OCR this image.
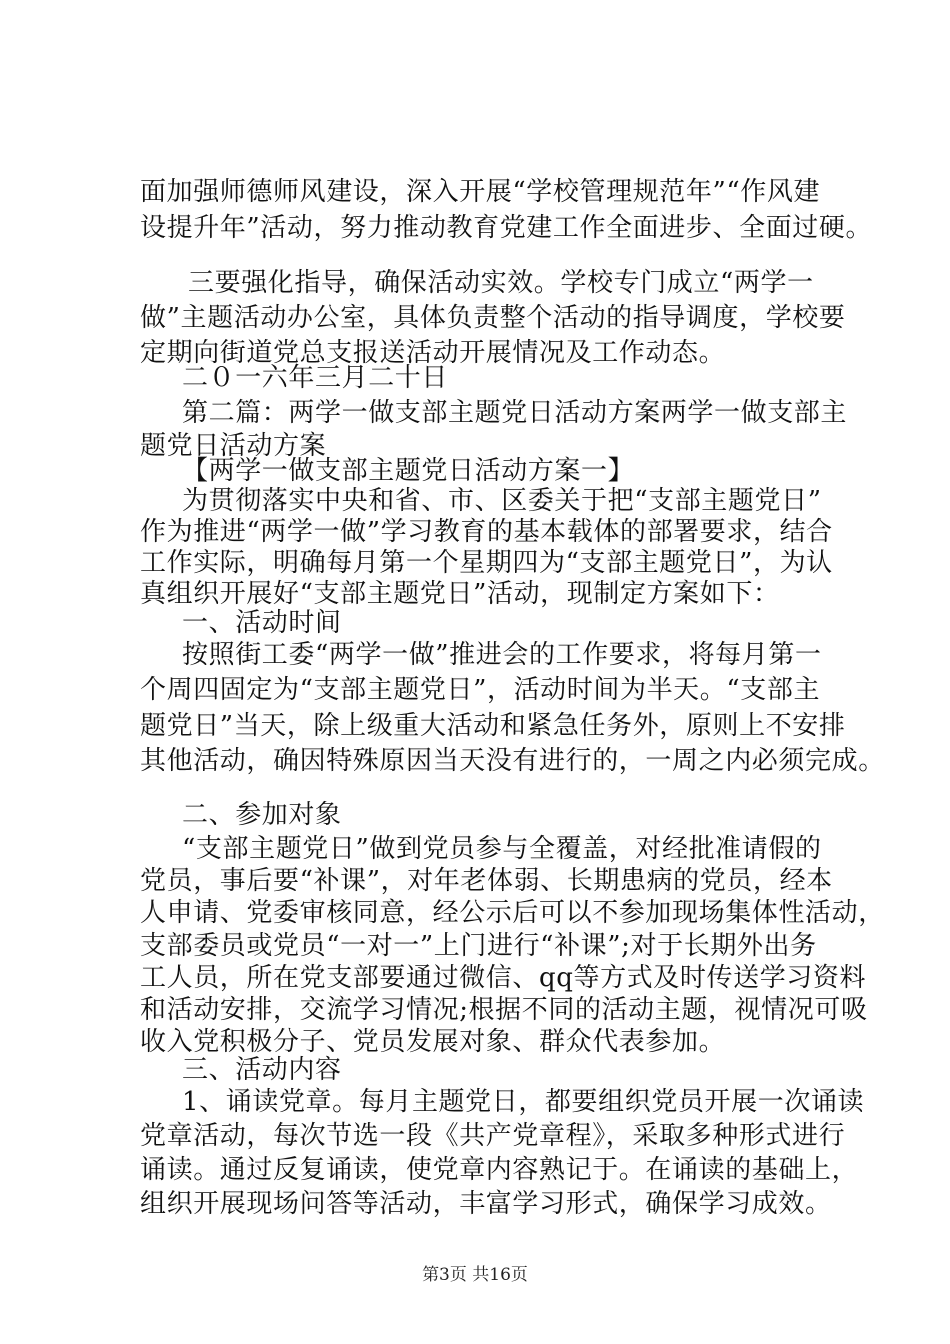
面加强师德师风建设，深入开展“学校管理规范年”“作风建
设提升年”活动，努力推动教育党建工作全面进步、全面过硬。
三要强化指导，确保活动实效。学校专门成立“两学一
做”主题活动办公室，具体负责整个活动的指导调度，学校要
定期向街道党总支报送活动开展情况及工作动态。
二０一六年三月二十日
第二篇：两学一做支部主题党日活动方案两学一做支部主
题党日活动方案
【两学一做支部主题党日活动方案一】
为贯彻落实中央和省、市、区委关于把“支部主题党日”
作为推进“两学一做”学习教育的基本载体的部署要求，结合
工作实际，明确每月第一个星期四为“支部主题党日”，为认
真组织开展好“支部主题党日”活动，现制定方案如下：
一、活动时间
按照街工委“两学一做”推进会的工作要求，将每月第一
个周四固定为“支部主题党日”，活动时间为半天。“支部主
题党日”当天，除上级重大活动和紧急任务外，原则上不安排
其他活动，确因特殊原因当天没有进行的，一周之内必须完成。
二、参加对象
“支部主题党日”做到党员参与全覆盖，对经批准请假的
党员，事后要“补课”，对年老体弱、长期患病的党员，经本
人申请、党委审核同意，经公示后可以不参加现场集体性活动，
支部委员或党员“一对一”上门进行“补课”;对于长期外出务
工人员，所在党支部要通过微信、qq等方式及时传送学习资料
和活动安排，交流学习情况;根据不同的活动主题，视情况可吸
收入党积极分子、党员发展对象、群众代表参加。
三、活动内容
1、诵读党章。每月主题党日，都要组织党员开展一次诵读
党章活动，每次节选一段《共产党章程》，采取多种形式进行
诵读。通过反复诵读，使党章内容熟记于。在诵读的基础上，
组织开展现场问答等活动，丰富学习形式，确保学习成效。
第3页 共16页
